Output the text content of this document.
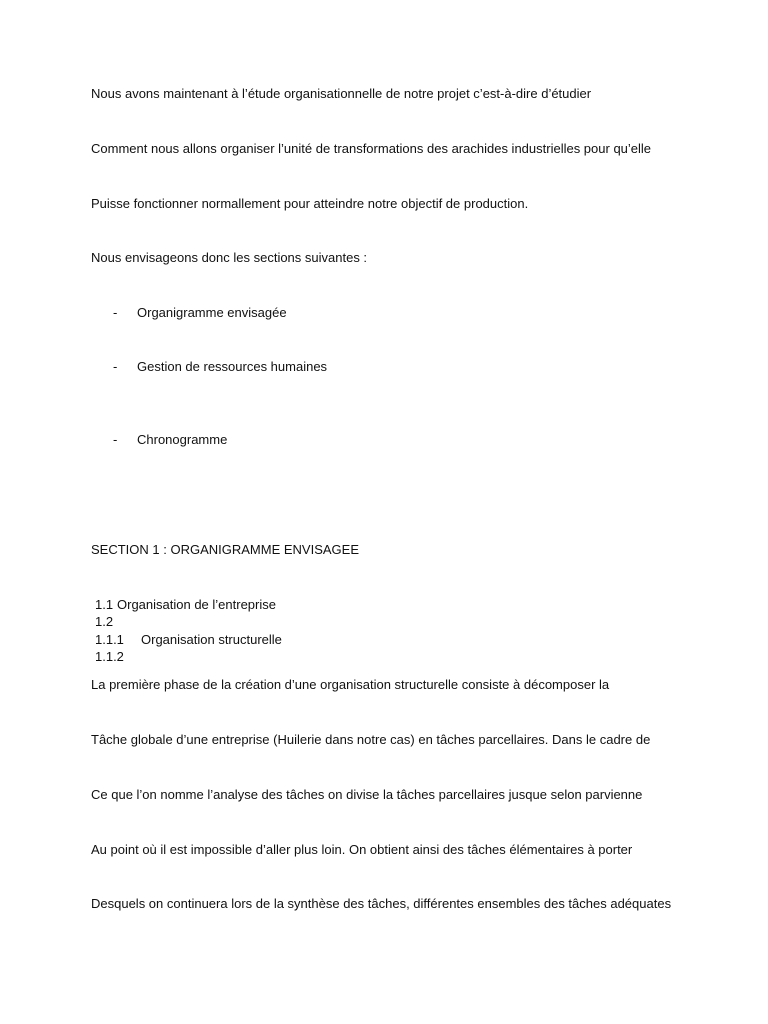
Nous avons maintenant à l’étude organisationnelle de notre projet c’est-à-dire d’étudier
Comment nous allons organiser l’unité de transformations des arachides industrielles pour qu’elle
Puisse fonctionner normallement pour atteindre notre objectif de production.
Nous envisageons donc les sections suivantes :
- Organigramme envisagée
- Gestion de ressources humaines
- Chronogramme
SECTION 1 : ORGANIGRAMME ENVISAGEE
1.1 Organisation de l’entreprise
1.2
1.1.1 Organisation structurelle
1.1.2
La première phase de la création d’une organisation structurelle consiste à décomposer la
Tâche globale d’une entreprise (Huilerie dans notre cas) en tâches parcellaires. Dans le cadre de
Ce que l’on nomme l’analyse des tâches on divise la tâches parcellaires jusque selon parvienne
Au point où il est impossible d’aller plus loin. On obtient ainsi des tâches élémentaires à porter
Desquels on continuera lors de la synthèse des tâches, différentes ensembles des tâches adéquates
